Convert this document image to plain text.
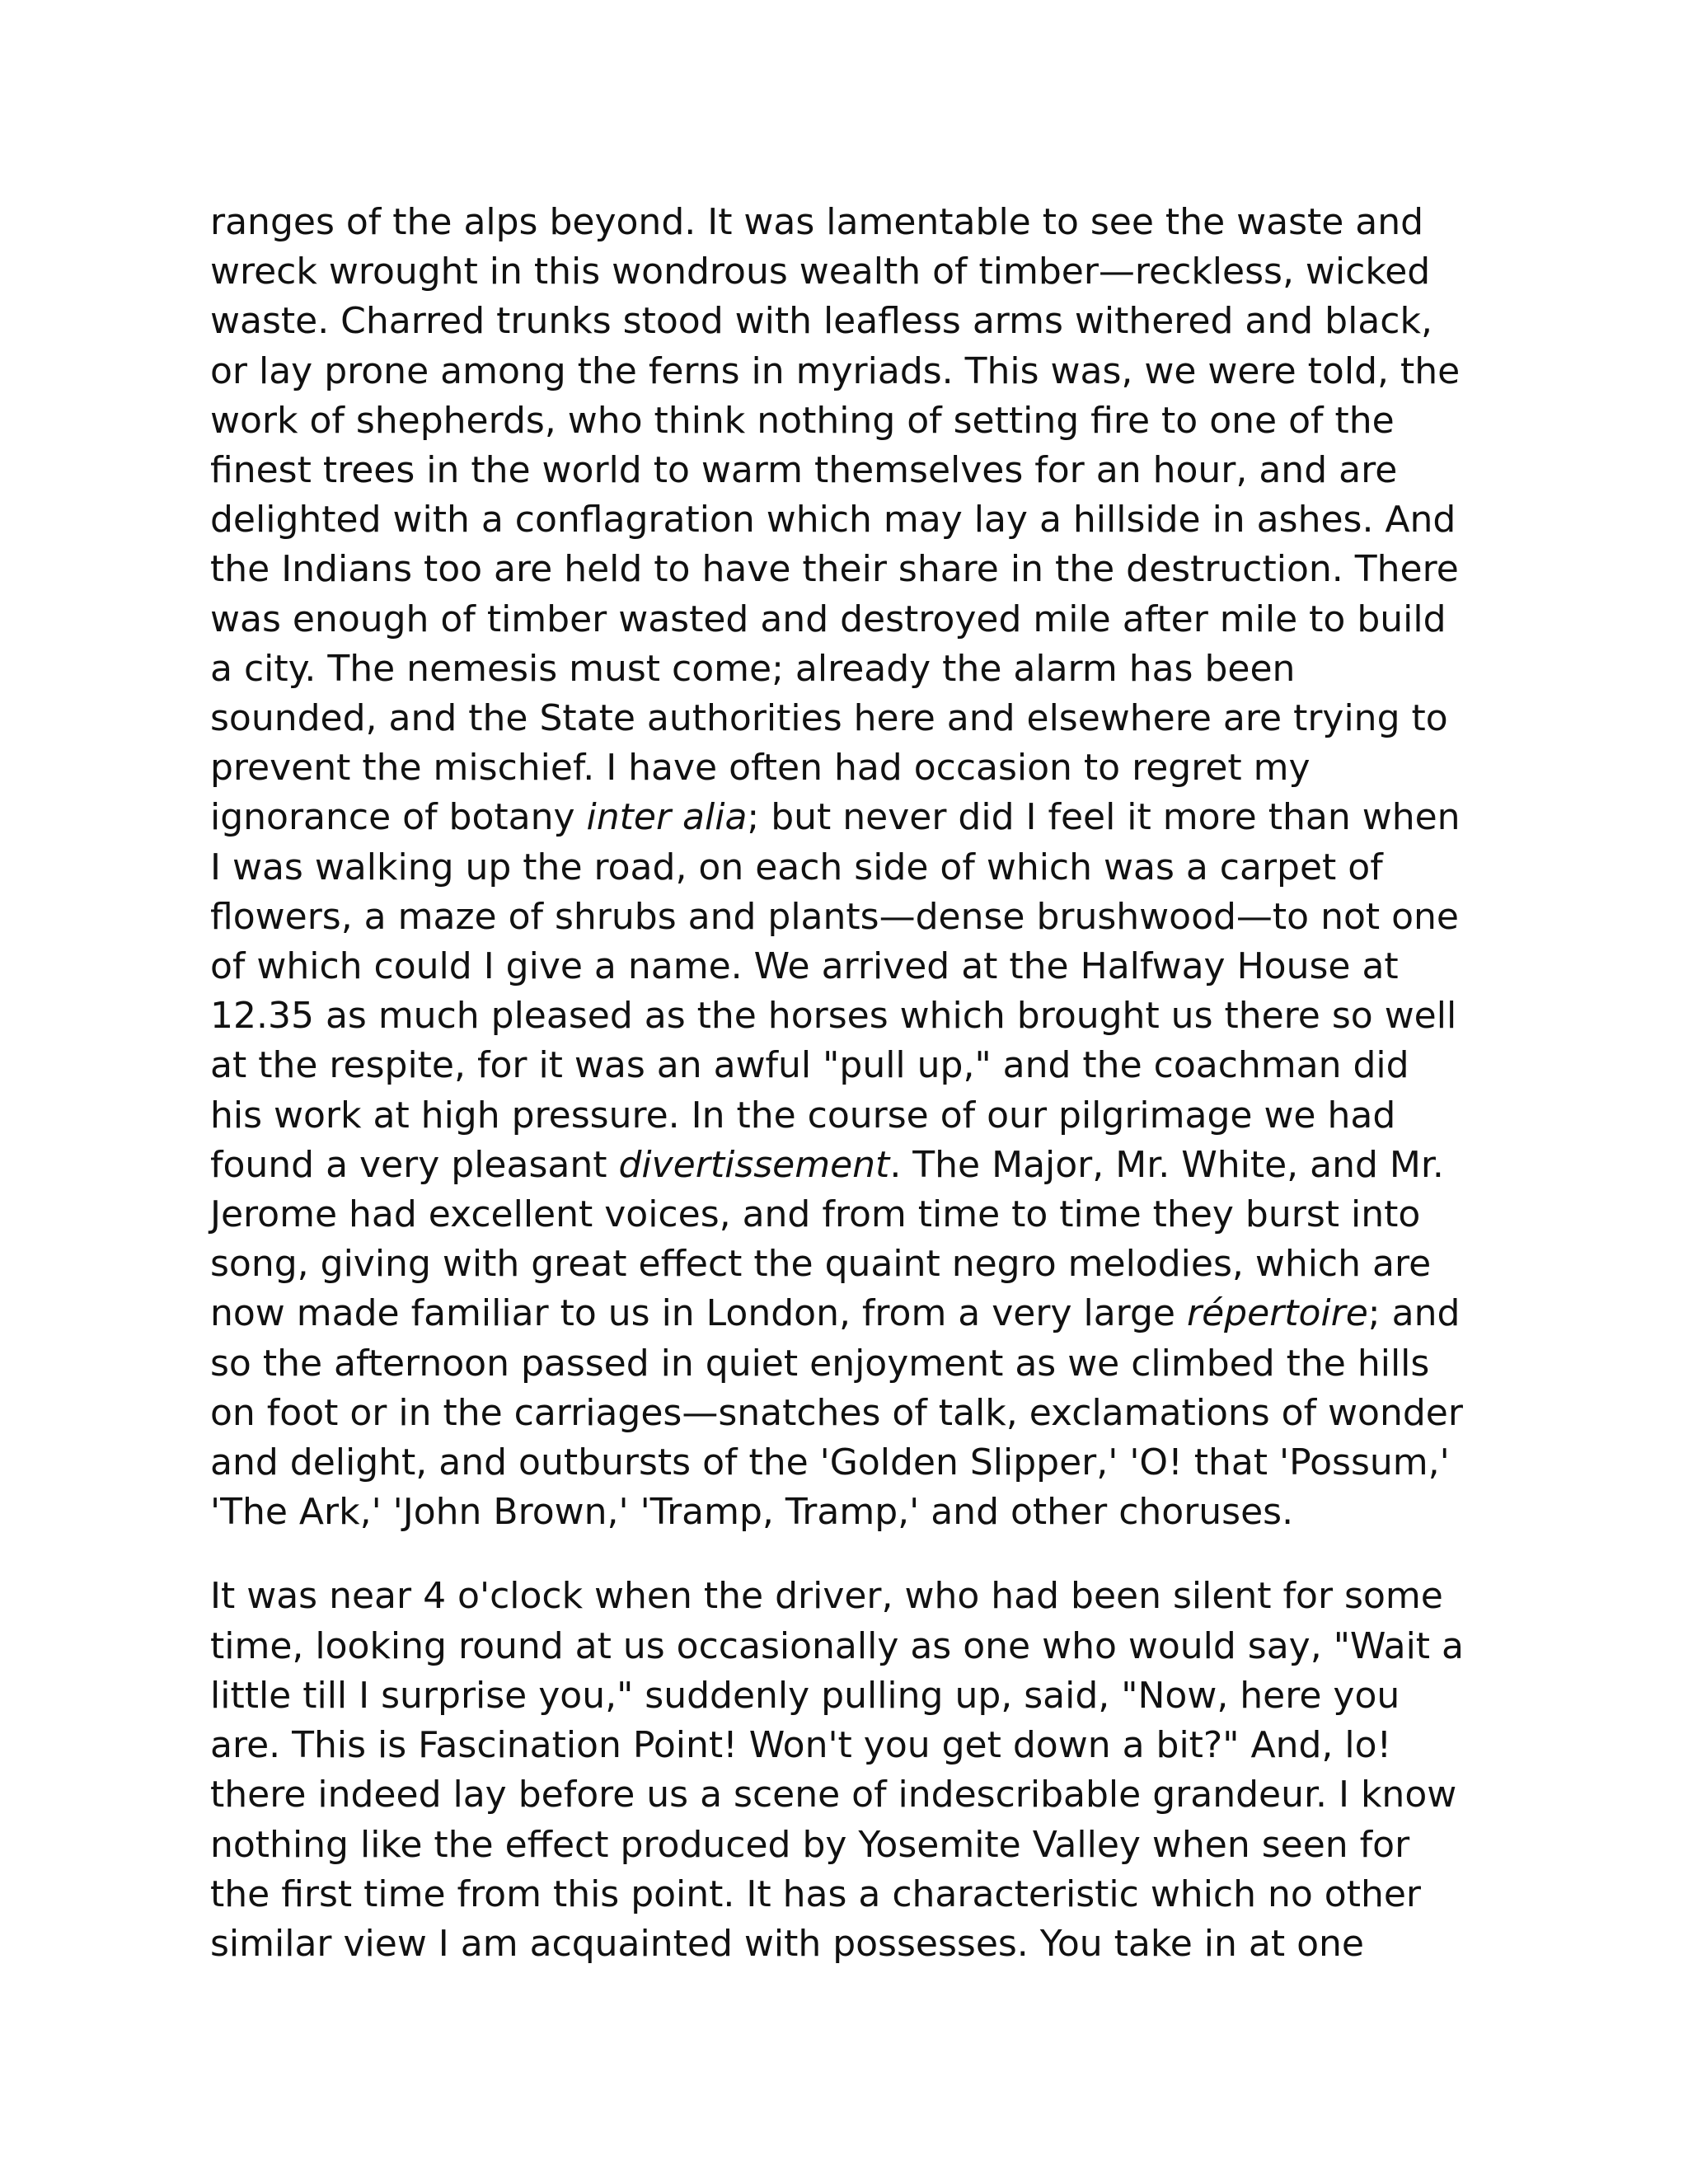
ranges of the alps beyond. It was lamentable to see the waste and
wreck wrought in this wondrous wealth of timber—reckless, wicked
waste. Charred trunks stood with leafless arms withered and black,
or lay prone among the ferns in myriads. This was, we were told, the
work of shepherds, who think nothing of setting fire to one of the
finest trees in the world to warm themselves for an hour, and are
delighted with a conflagration which may lay a hillside in ashes. And
the Indians too are held to have their share in the destruction. There
was enough of timber wasted and destroyed mile after mile to build
a city. The nemesis must come; already the alarm has been
sounded, and the State authorities here and elsewhere are trying to
prevent the mischief. I have often had occasion to regret my
ignorance of botany inter alia; but never did I feel it more than when
I was walking up the road, on each side of which was a carpet of
flowers, a maze of shrubs and plants—dense brushwood—to not one
of which could I give a name. We arrived at the Halfway House at
12.35 as much pleased as the horses which brought us there so well
at the respite, for it was an awful "pull up," and the coachman did
his work at high pressure. In the course of our pilgrimage we had
found a very pleasant divertissement. The Major, Mr. White, and Mr.
Jerome had excellent voices, and from time to time they burst into
song, giving with great effect the quaint negro melodies, which are
now made familiar to us in London, from a very large répertoire; and
so the afternoon passed in quiet enjoyment as we climbed the hills
on foot or in the carriages—snatches of talk, exclamations of wonder
and delight, and outbursts of the 'Golden Slipper,' 'O! that 'Possum,'
'The Ark,' 'John Brown,' 'Tramp, Tramp,' and other choruses.

It was near 4 o'clock when the driver, who had been silent for some
time, looking round at us occasionally as one who would say, "Wait a
little till I surprise you," suddenly pulling up, said, "Now, here you
are. This is Fascination Point! Won't you get down a bit?" And, lo!
there indeed lay before us a scene of indescribable grandeur. I know
nothing like the effect produced by Yosemite Valley when seen for
the first time from this point. It has a characteristic which no other
similar view I am acquainted with possesses. You take in at one
